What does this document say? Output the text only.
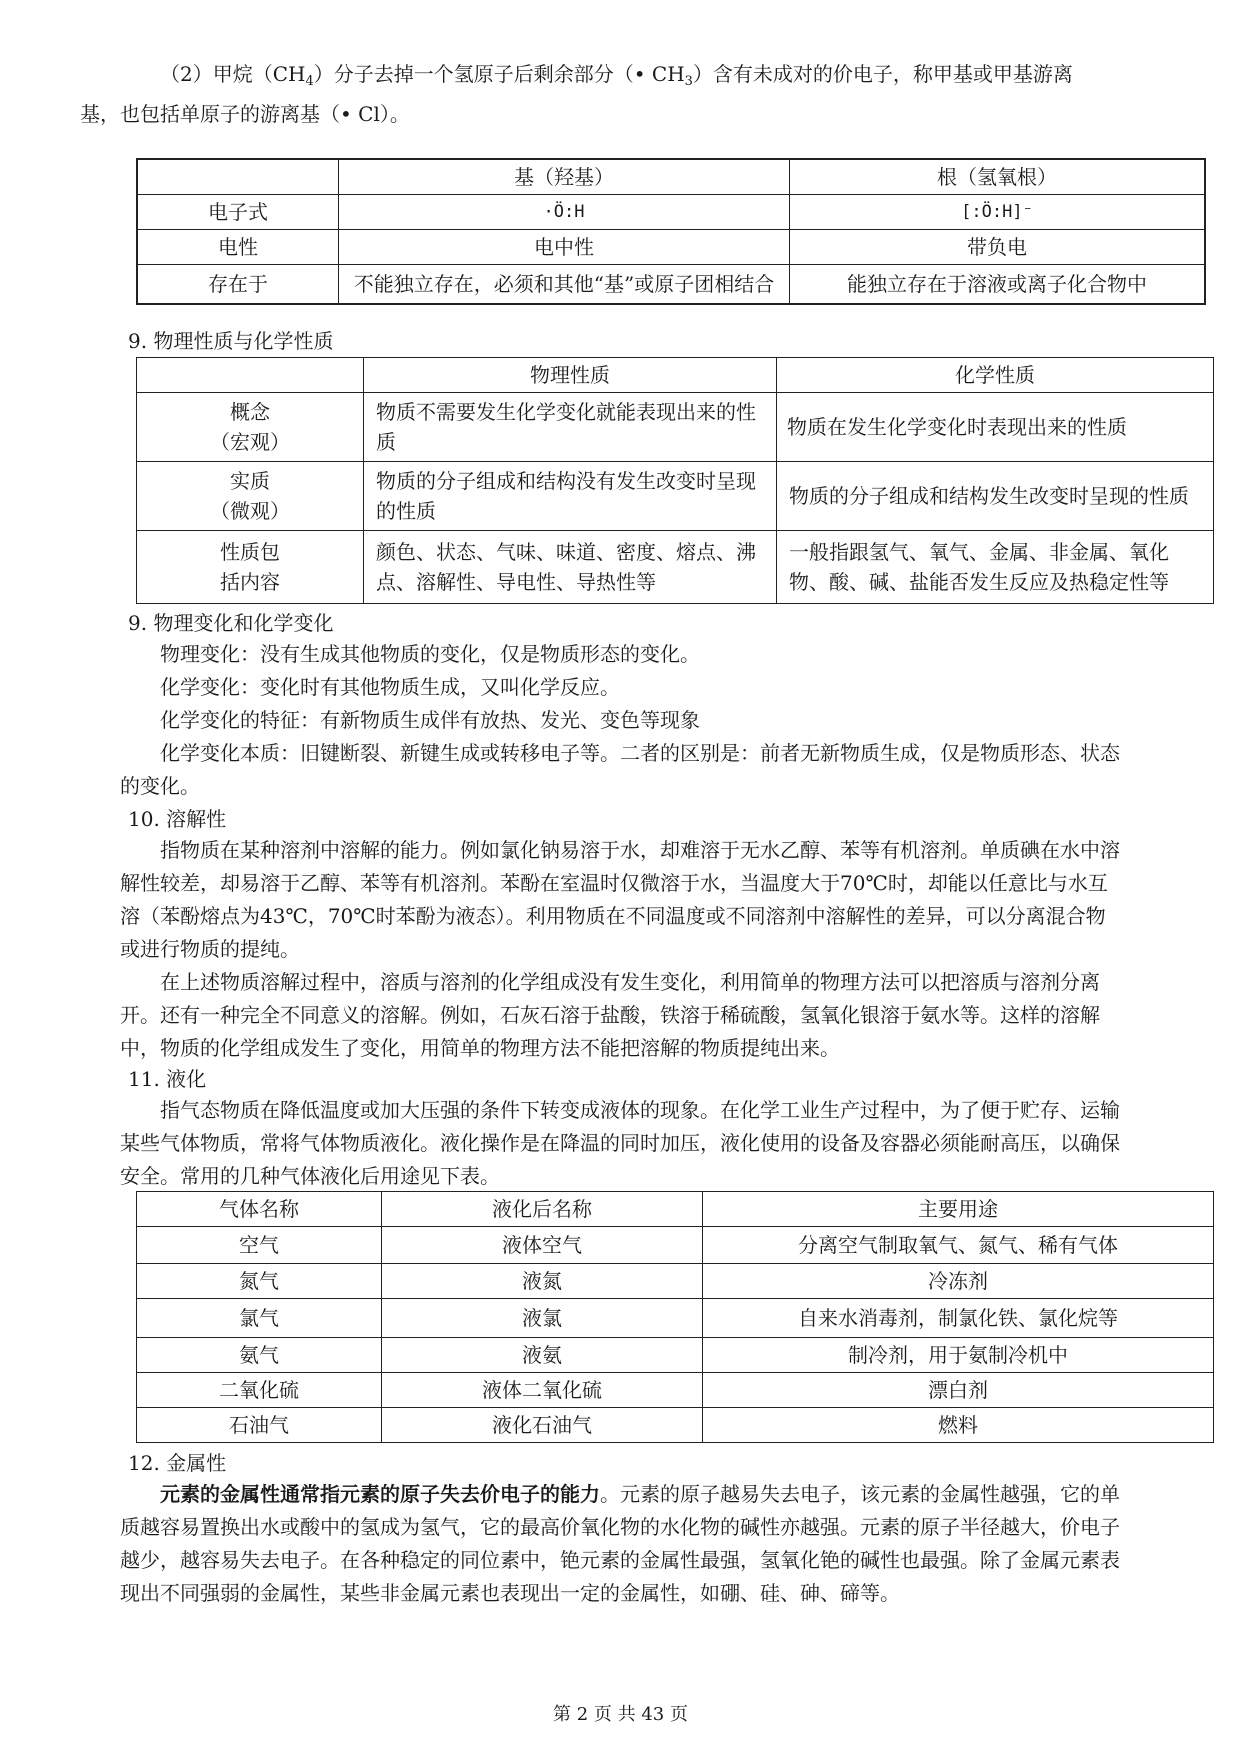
（2）甲烷$(CH_4)$分子去掉一个氢原子后剩余部分（• $CH_3$）含有未成对的价电子，称甲基或甲基游离
基，也包括单原子的游离基（• Cl）。

	基（羟基）	根（氢氧根）
电子式	·Ö:H	[:Ö:H]⁻
电性	电中性	带负电
存在于	不能独立存在，必须和其他“基”或原子团相结合	能独立存在于溶液或离子化合物中

9. 物理性质与化学性质

	物理性质	化学性质
概念
（宏观）	物质不需要发生化学变化就能表现出来的性质	物质在发生化学变化时表现出来的性质
实质
（微观）	物质的分子组成和结构没有发生改变时呈现的性质	物质的分子组成和结构发生改变时呈现的性质
性质包
括内容	颜色、状态、气味、味道、密度、熔点、沸点、溶解性、导电性、导热性等	一般指跟氢气、氧气、金属、非金属、氧化物、酸、碱、盐能否发生反应及热稳定性等

9. 物理变化和化学变化

物理变化：没有生成其他物质的变化，仅是物质形态的变化。

化学变化：变化时有其他物质生成，又叫化学反应。

化学变化的特征：有新物质生成伴有放热、发光、变色等现象

化学变化本质：旧键断裂、新键生成或转移电子等。二者的区别是：前者无新物质生成，仅是物质形态、状态的变化。

10. 溶解性

指物质在某种溶剂中溶解的能力。例如氯化钠易溶于水，却难溶于无水乙醇、苯等有机溶剂。单质碘在水中溶解性较差，却易溶于乙醇、苯等有机溶剂。苯酚在室温时仅微溶于水，当温度大于70℃时，却能以任意比与水互溶（苯酚熔点为43℃，70℃时苯酚为液态）。利用物质在不同温度或不同溶剂中溶解性的差异，可以分离混合物或进行物质的提纯。

在上述物质溶解过程中，溶质与溶剂的化学组成没有发生变化，利用简单的物理方法可以把溶质与溶剂分离开。还有一种完全不同意义的溶解。例如，石灰石溶于盐酸，铁溶于稀硫酸，氢氧化银溶于氨水等。这样的溶解中，物质的化学组成发生了变化，用简单的物理方法不能把溶解的物质提纯出来。

11. 液化

指气态物质在降低温度或加大压强的条件下转变成液体的现象。在化学工业生产过程中，为了便于贮存、运输某些气体物质，常将气体物质液化。液化操作是在降温的同时加压，液化使用的设备及容器必须能耐高压，以确保安全。常用的几种气体液化后用途见下表。

气体名称	液化后名称	主要用途
空气	液体空气	分离空气制取氧气、氮气、稀有气体
氮气	液氮	冷冻剂
氯气	液氯	自来水消毒剂，制氯化铁、氯化烷等
氨气	液氨	制冷剂，用于氨制冷机中
二氧化硫	液体二氧化硫	漂白剂
石油气	液化石油气	燃料

12. 金属性

元素的金属性通常指元素的原子失去价电子的能力。元素的原子越易失去电子，该元素的金属性越强，它的单质越容易置换出水或酸中的氢成为氢气，它的最高价氧化物的水化物的碱性亦越强。元素的原子半径越大，价电子越少，越容易失去电子。在各种稳定的同位素中，铯元素的金属性最强，氢氧化铯的碱性也最强。除了金属元素表现出不同强弱的金属性，某些非金属元素也表现出一定的金属性，如硼、硅、砷、碲等。

第 2 页 共 43 页
